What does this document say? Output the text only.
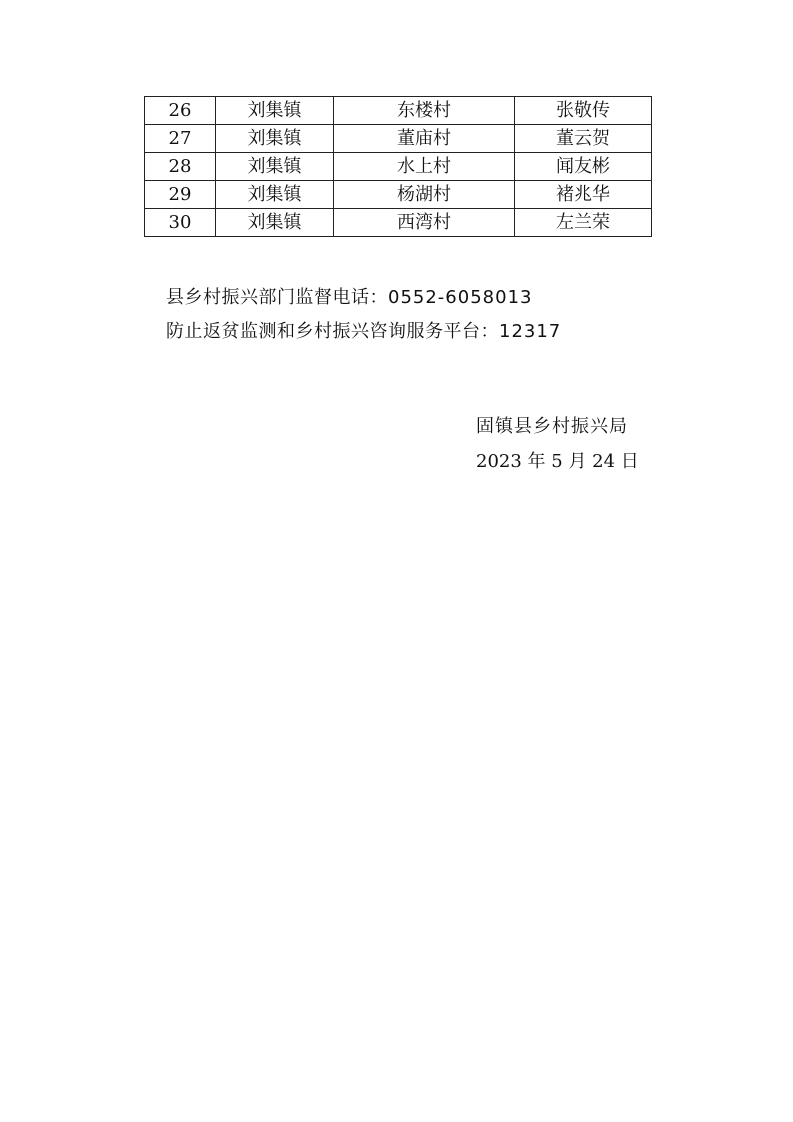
26	刘集镇	东楼村	张敬传
27	刘集镇	董庙村	董云贺
28	刘集镇	水上村	闻友彬
29	刘集镇	杨湖村	褚兆华
30	刘集镇	西湾村	左兰荣
县乡村振兴部门监督电话：0552-6058013
防止返贫监测和乡村振兴咨询服务平台：12317
固镇县乡村振兴局
2023 年 5 月 24 日
